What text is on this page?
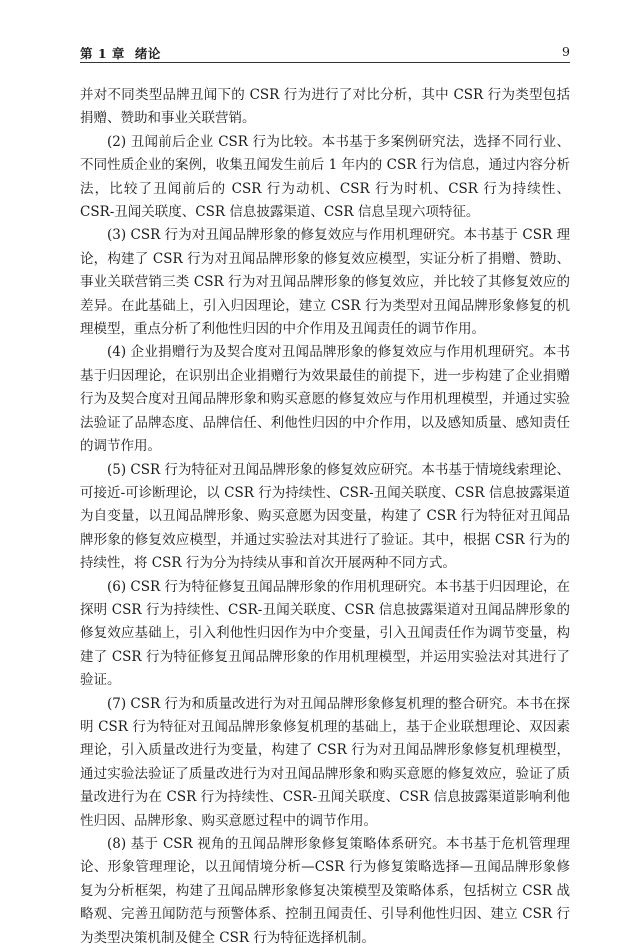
第 1 章 绪论	9

并对不同类型品牌丑闻下的 CSR 行为进行了对比分析，其中 CSR 行为类型包括捐赠、赞助和事业关联营销。

(2) 丑闻前后企业 CSR 行为比较。本书基于多案例研究法，选择不同行业、不同性质企业的案例，收集丑闻发生前后 1 年内的 CSR 行为信息，通过内容分析法，比较了丑闻前后的 CSR 行为动机、CSR 行为时机、CSR 行为持续性、CSR-丑闻关联度、CSR 信息披露渠道、CSR 信息呈现六项特征。

(3) CSR 行为对丑闻品牌形象的修复效应与作用机理研究。本书基于 CSR 理论，构建了 CSR 行为对丑闻品牌形象的修复效应模型，实证分析了捐赠、赞助、事业关联营销三类 CSR 行为对丑闻品牌形象的修复效应，并比较了其修复效应的差异。在此基础上，引入归因理论，建立 CSR 行为类型对丑闻品牌形象修复的机理模型，重点分析了利他性归因的中介作用及丑闻责任的调节作用。

(4) 企业捐赠行为及契合度对丑闻品牌形象的修复效应与作用机理研究。本书基于归因理论，在识别出企业捐赠行为效果最佳的前提下，进一步构建了企业捐赠行为及契合度对丑闻品牌形象和购买意愿的修复效应与作用机理模型，并通过实验法验证了品牌态度、品牌信任、利他性归因的中介作用，以及感知质量、感知责任的调节作用。

(5) CSR 行为特征对丑闻品牌形象的修复效应研究。本书基于情境线索理论、可接近-可诊断理论，以 CSR 行为持续性、CSR-丑闻关联度、CSR 信息披露渠道为自变量，以丑闻品牌形象、购买意愿为因变量，构建了 CSR 行为特征对丑闻品牌形象的修复效应模型，并通过实验法对其进行了验证。其中，根据 CSR 行为的持续性，将 CSR 行为分为持续从事和首次开展两种不同方式。

(6) CSR 行为特征修复丑闻品牌形象的作用机理研究。本书基于归因理论，在探明 CSR 行为持续性、CSR-丑闻关联度、CSR 信息披露渠道对丑闻品牌形象的修复效应基础上，引入利他性归因作为中介变量，引入丑闻责任作为调节变量，构建了 CSR 行为特征修复丑闻品牌形象的作用机理模型，并运用实验法对其进行了验证。

(7) CSR 行为和质量改进行为对丑闻品牌形象修复机理的整合研究。本书在探明 CSR 行为特征对丑闻品牌形象修复机理的基础上，基于企业联想理论、双因素理论，引入质量改进行为变量，构建了 CSR 行为对丑闻品牌形象修复机理模型，通过实验法验证了质量改进行为对丑闻品牌形象和购买意愿的修复效应，验证了质量改进行为在 CSR 行为持续性、CSR-丑闻关联度、CSR 信息披露渠道影响利他性归因、品牌形象、购买意愿过程中的调节作用。

(8) 基于 CSR 视角的丑闻品牌形象修复策略体系研究。本书基于危机管理理论、形象管理理论，以丑闻情境分析—CSR 行为修复策略选择—丑闻品牌形象修复为分析框架，构建了丑闻品牌形象修复决策模型及策略体系，包括树立 CSR 战略观、完善丑闻防范与预警体系、控制丑闻责任、引导利他性归因、建立 CSR 行为类型决策机制及健全 CSR 行为特征选择机制。
